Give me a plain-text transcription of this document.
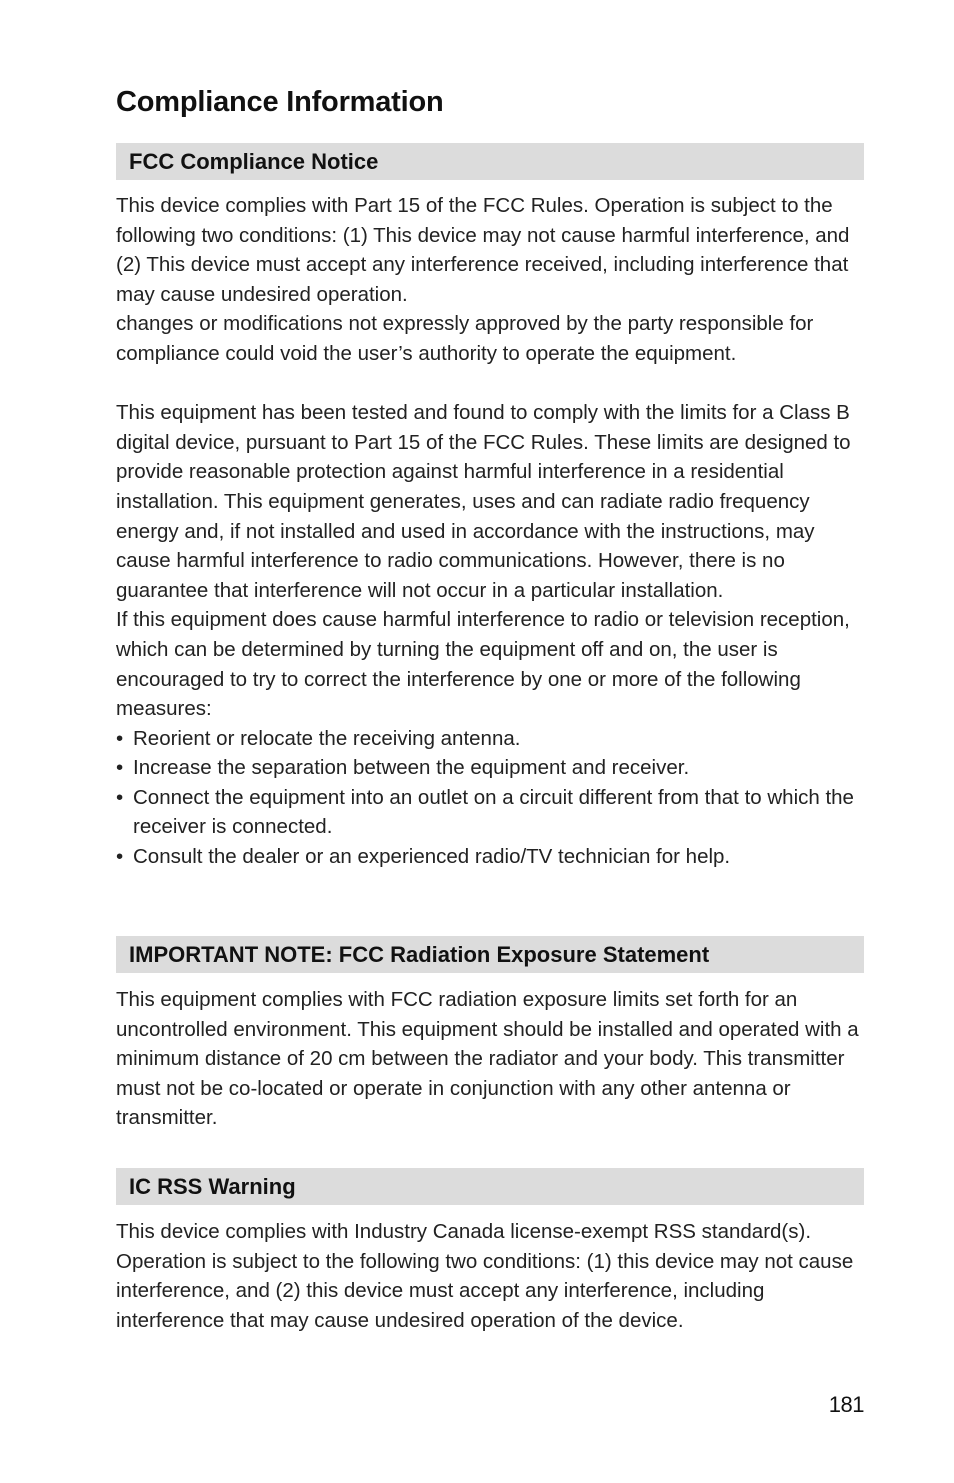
Compliance Information
FCC Compliance Notice

This device complies with Part 15 of the FCC Rules. Operation is subject to the following two conditions: (1) This device may not cause harmful interference, and (2) This device must accept any interference received, including interference that may cause undesired operation.

changes or modifications not expressly approved by the party responsible for compliance could void the user’s authority to operate the equipment.

This equipment has been tested and found to comply with the limits for a Class B digital device, pursuant to Part 15 of the FCC Rules. These limits are designed to provide reasonable protection against harmful interference in a residential installation. This equipment generates, uses and can radiate radio frequency energy and, if not installed and used in accordance with the instructions, may cause harmful interference to radio communications. However, there is no guarantee that interference will not occur in a particular installation.

If this equipment does cause harmful interference to radio or television reception, which can be determined by turning the equipment off and on, the user is encouraged to try to correct the interference by one or more of the following measures:

• Reorient or relocate the receiving antenna.
• Increase the separation between the equipment and receiver.
• Connect the equipment into an outlet on a circuit different from that to which the receiver is connected.
• Consult the dealer or an experienced radio/TV technician for help.
IMPORTANT NOTE: FCC Radiation Exposure Statement

This equipment complies with FCC radiation exposure limits set forth for an uncontrolled environment. This equipment should be installed and operated with a minimum distance of 20 cm between the radiator and your body. This transmitter must not be co-located or operate in conjunction with any other antenna or transmitter.

IC RSS Warning

This device complies with Industry Canada license-exempt RSS standard(s). Operation is subject to the following two conditions: (1) this device may not cause interference, and (2) this device must accept any interference, including interference that may cause undesired operation of the device.

181
